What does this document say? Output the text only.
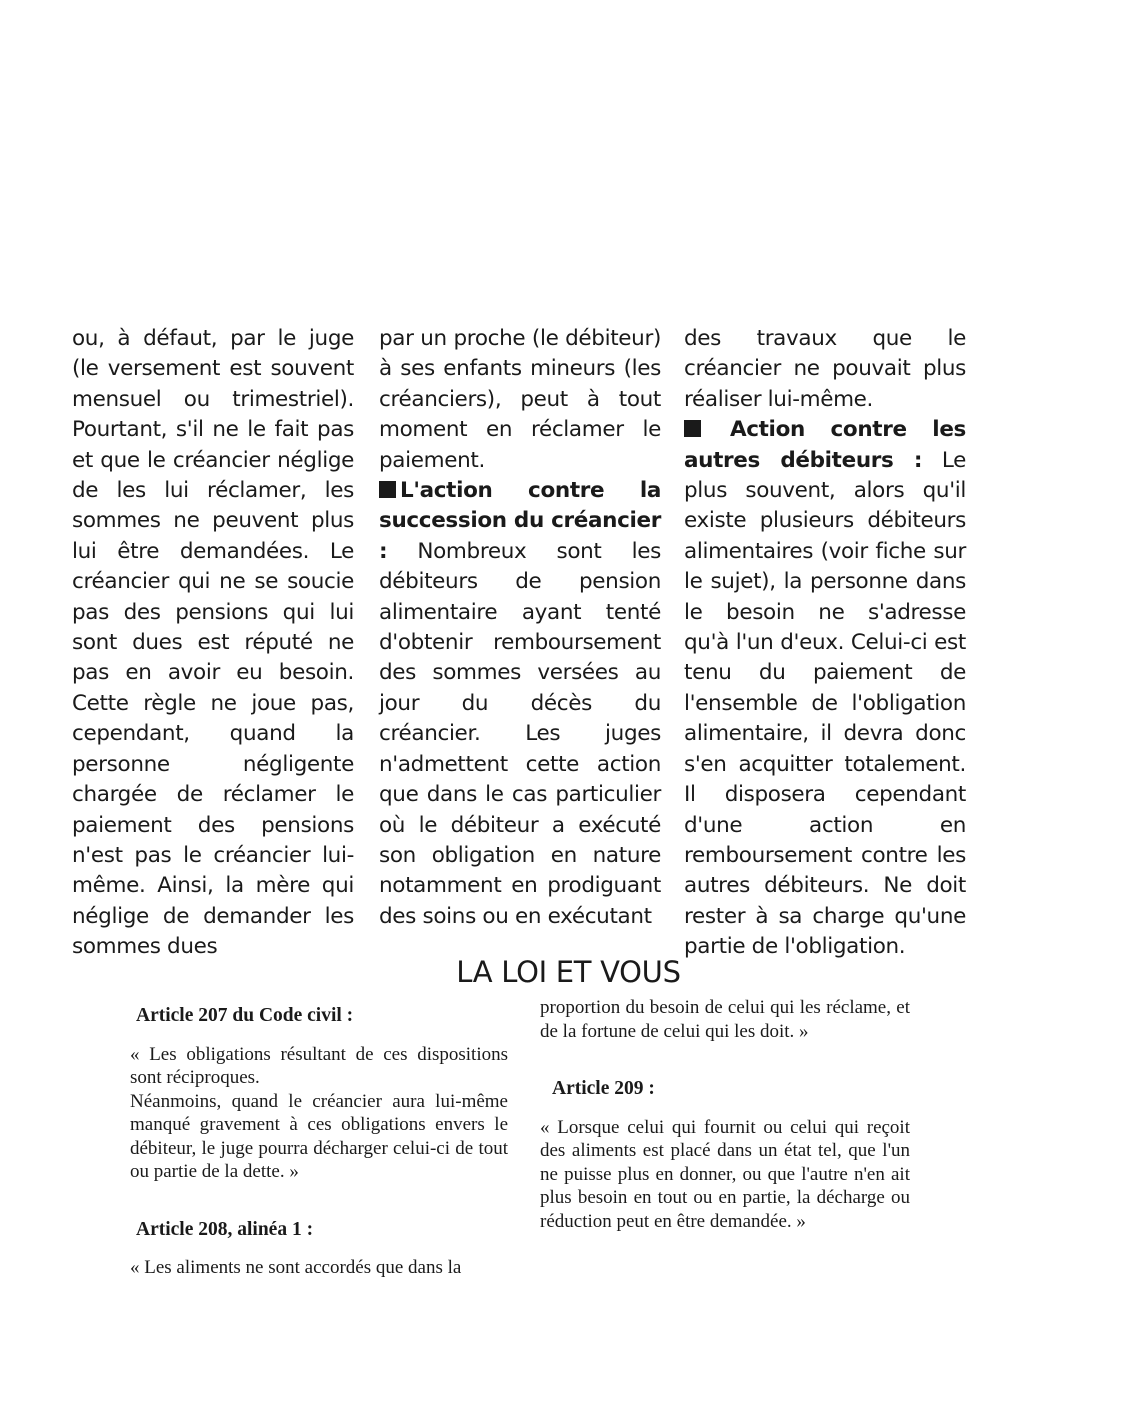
ou, à défaut, par le juge (le versement est souvent mensuel ou trimestriel). Pourtant, s'il ne le fait pas et que le créancier néglige de les lui réclamer, les sommes ne peuvent plus lui être demandées. Le créancier qui ne se soucie pas des pensions qui lui sont dues est réputé ne pas en avoir eu besoin. Cette règle ne joue pas, cependant, quand la personne négligente chargée de réclamer le paiement des pensions n'est pas le créancier lui-même. Ainsi, la mère qui néglige de demander les sommes dues

par un proche (le débiteur) à ses enfants mineurs (les créanciers), peut à tout moment en réclamer le paiement.

L'action contre la succession du créancier : Nombreux sont les débiteurs de pension alimentaire ayant tenté d'obtenir remboursement des sommes versées au jour du décès du créancier. Les juges n'admettent cette action que dans le cas particulier où le débiteur a exécuté son obligation en nature notamment en prodiguant des soins ou en exécutant

des travaux que le créancier ne pouvait plus réaliser lui-même.

Action contre les autres débiteurs : Le plus souvent, alors qu'il existe plusieurs débiteurs alimentaires (voir fiche sur le sujet), la personne dans le besoin ne s'adresse qu'à l'un d'eux. Celui-ci est tenu du paiement de l'ensemble de l'obligation alimentaire, il devra donc s'en acquitter totalement. Il disposera cependant d'une action en remboursement contre les autres débiteurs. Ne doit rester à sa charge qu'une partie de l'obligation.

LA LOI ET VOUS

Article 207 du Code civil :

« Les obligations résultant de ces dispositions sont réciproques.

Néanmoins, quand le créancier aura lui-même manqué gravement à ces obligations envers le débiteur, le juge pourra décharger celui-ci de tout ou partie de la dette. »

Article 208, alinéa 1 :

« Les aliments ne sont accordés que dans la

proportion du besoin de celui qui les réclame, et de la fortune de celui qui les doit. »

Article 209 :

« Lorsque celui qui fournit ou celui qui reçoit des aliments est placé dans un état tel, que l'un ne puisse plus en donner, ou que l'autre n'en ait plus besoin en tout ou en partie, la décharge ou réduction peut en être demandée. »
